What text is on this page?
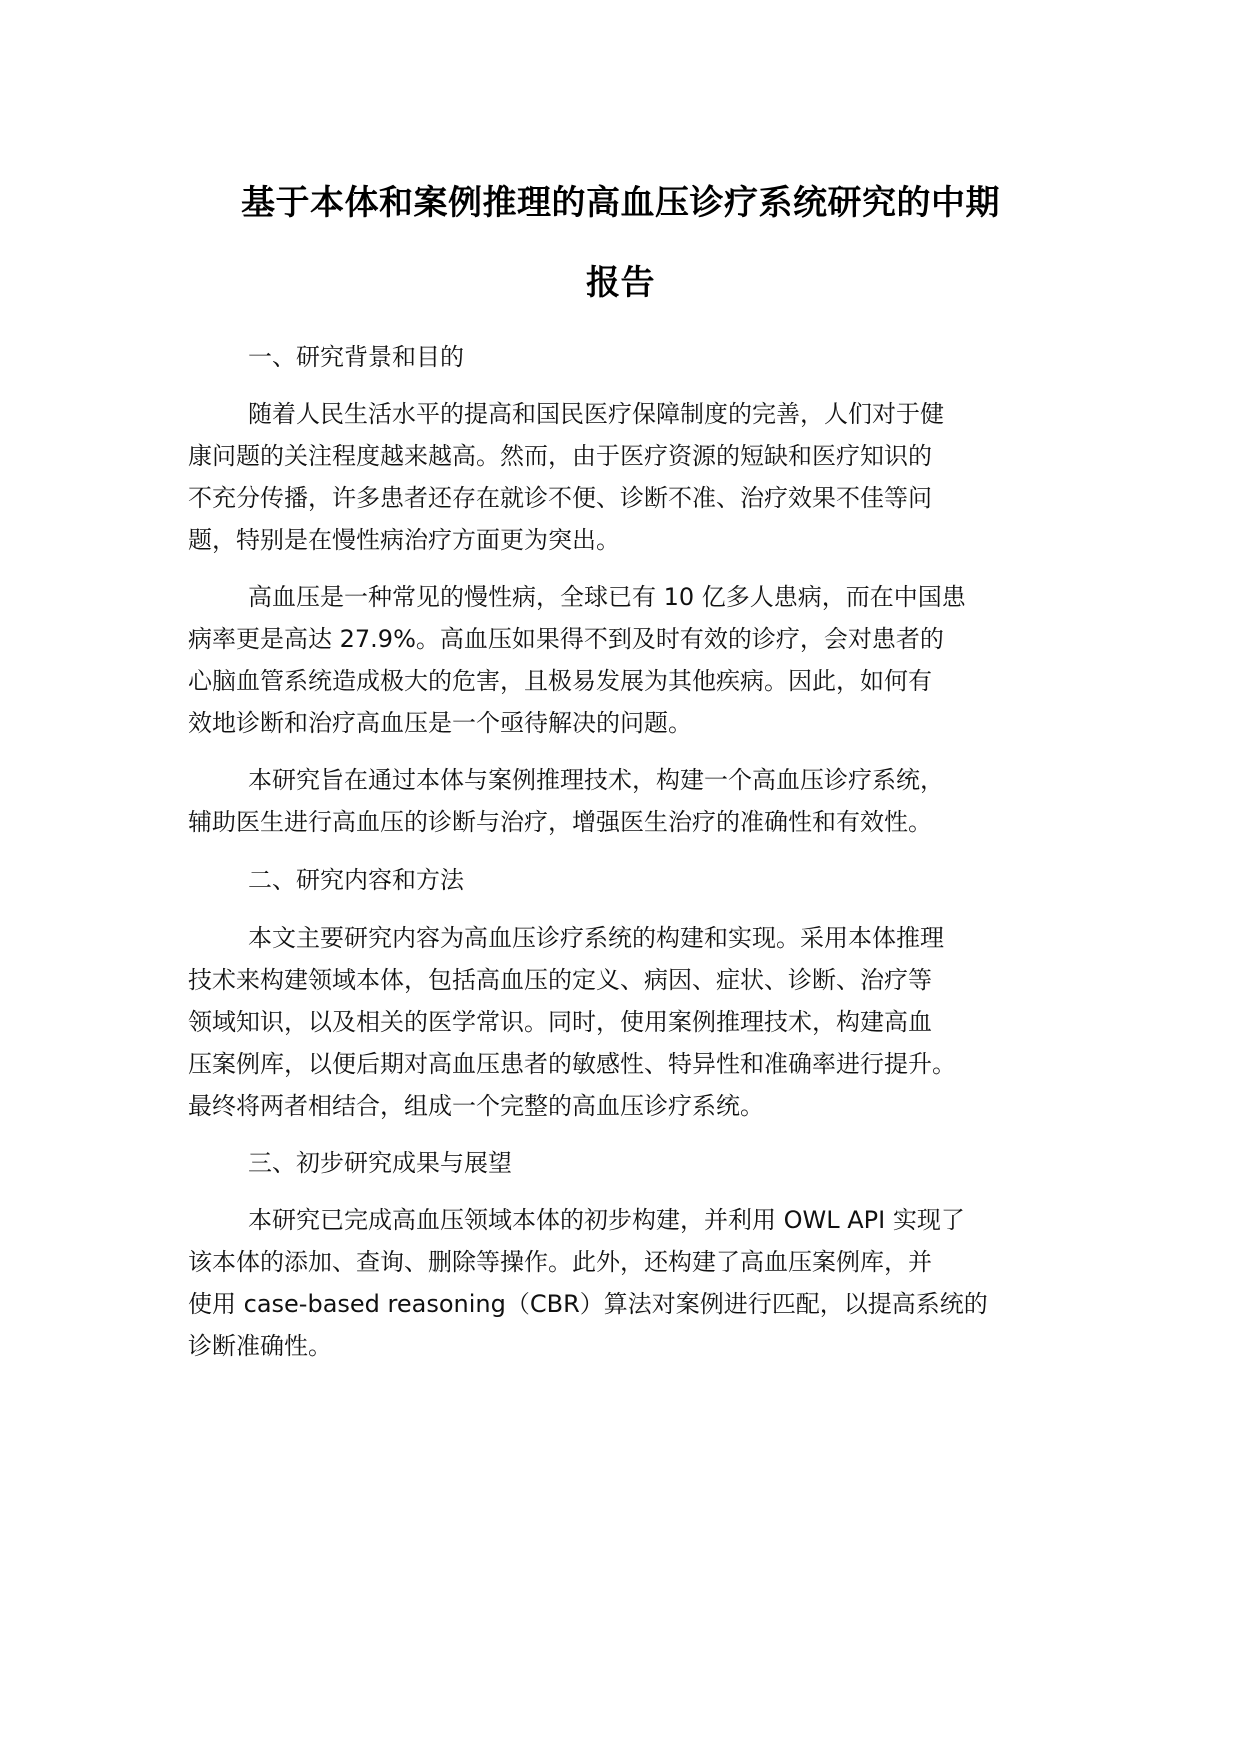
基于本体和案例推理的高血压诊疗系统研究的中期
报告

一、研究背景和目的

随着人民生活水平的提高和国民医疗保障制度的完善，人们对于健

康问题的关注程度越来越高。然而，由于医疗资源的短缺和医疗知识的

不充分传播，许多患者还存在就诊不便、诊断不准、治疗效果不佳等问

题，特别是在慢性病治疗方面更为突出。

高血压是一种常见的慢性病，全球已有 10 亿多人患病，而在中国患

病率更是高达 27.9%。高血压如果得不到及时有效的诊疗，会对患者的

心脑血管系统造成极大的危害，且极易发展为其他疾病。因此，如何有

效地诊断和治疗高血压是一个亟待解决的问题。

本研究旨在通过本体与案例推理技术，构建一个高血压诊疗系统，

辅助医生进行高血压的诊断与治疗，增强医生治疗的准确性和有效性。

二、研究内容和方法

本文主要研究内容为高血压诊疗系统的构建和实现。采用本体推理

技术来构建领域本体，包括高血压的定义、病因、症状、诊断、治疗等

领域知识，以及相关的医学常识。同时，使用案例推理技术，构建高血

压案例库，以便后期对高血压患者的敏感性、特异性和准确率进行提升。

最终将两者相结合，组成一个完整的高血压诊疗系统。

三、初步研究成果与展望

本研究已完成高血压领域本体的初步构建，并利用 OWL API 实现了

该本体的添加、查询、删除等操作。此外，还构建了高血压案例库，并

使用 case-based reasoning（CBR）算法对案例进行匹配，以提高系统的

诊断准确性。
